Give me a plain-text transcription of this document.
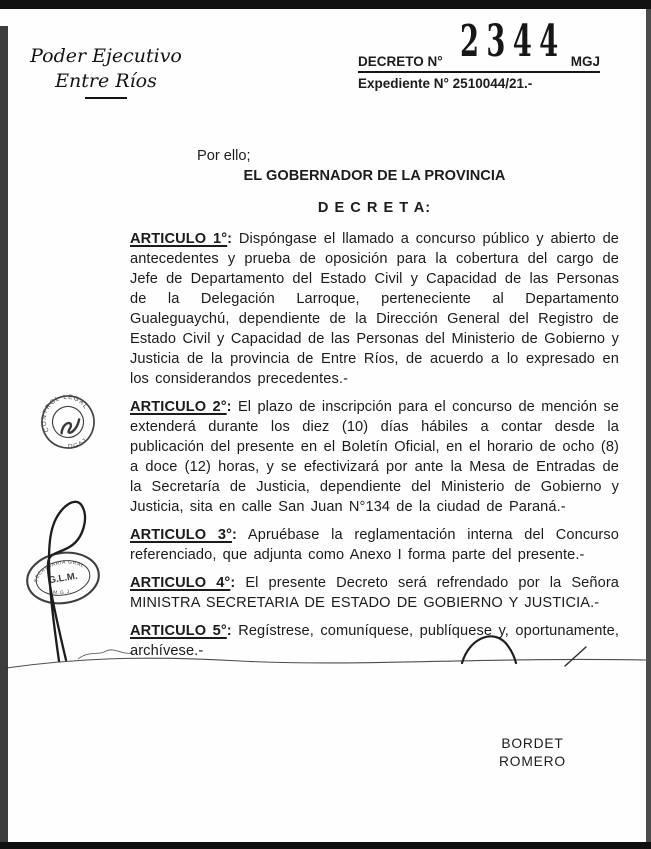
Poder Ejecutivo
Entre Ríos
2344
DECRETO N°	MGJ
Expediente N° 2510044/21.-
Por ello;
EL GOBERNADOR DE LA PROVINCIA
D E C R E T A:

ARTICULO 1°: Dispóngase el llamado a concurso público y abierto de antecedentes y prueba de oposición para la cobertura del cargo de Jefe de Departamento del Estado Civil y Capacidad de las Personas de la Delegación Larroque, perteneciente al Departamento Gualeguaychú, dependiente de la Dirección General del Registro de Estado Civil y Capacidad de las Personas del Ministerio de Gobierno y Justicia de la provincia de Entre Ríos, de acuerdo a lo expresado en los considerandos precedentes.-

ARTICULO 2°: El plazo de inscripción para el concurso de mención se extenderá durante los diez (10) días hábiles a contar desde la publicación del presente en el Boletín Oficial, en el horario de ocho (8) a doce (12) horas, y se efectivizará por ante la Mesa de Entradas de la Secretaría de Justicia, dependiente del Ministerio de Gobierno y Justicia, sita en calle San Juan N°134 de la ciudad de Paraná.-

ARTICULO 3°: Apruébase la reglamentación interna del Concurso referenciado, que adjunta como Anexo I forma parte del presente.-

ARTICULO 4°: El presente Decreto será refrendado por la Señora MINISTRA SECRETARIA DE ESTADO DE GOBIERNO Y JUSTICIA.-

ARTICULO 5°: Regístrese, comuníquese, publíquese y, oportunamente, archívese.-

BORDET
ROMERO
CONTROL LEGAL
DGAJ
SECRETARIA GRAL.
M.G.J.
G.L.M.
